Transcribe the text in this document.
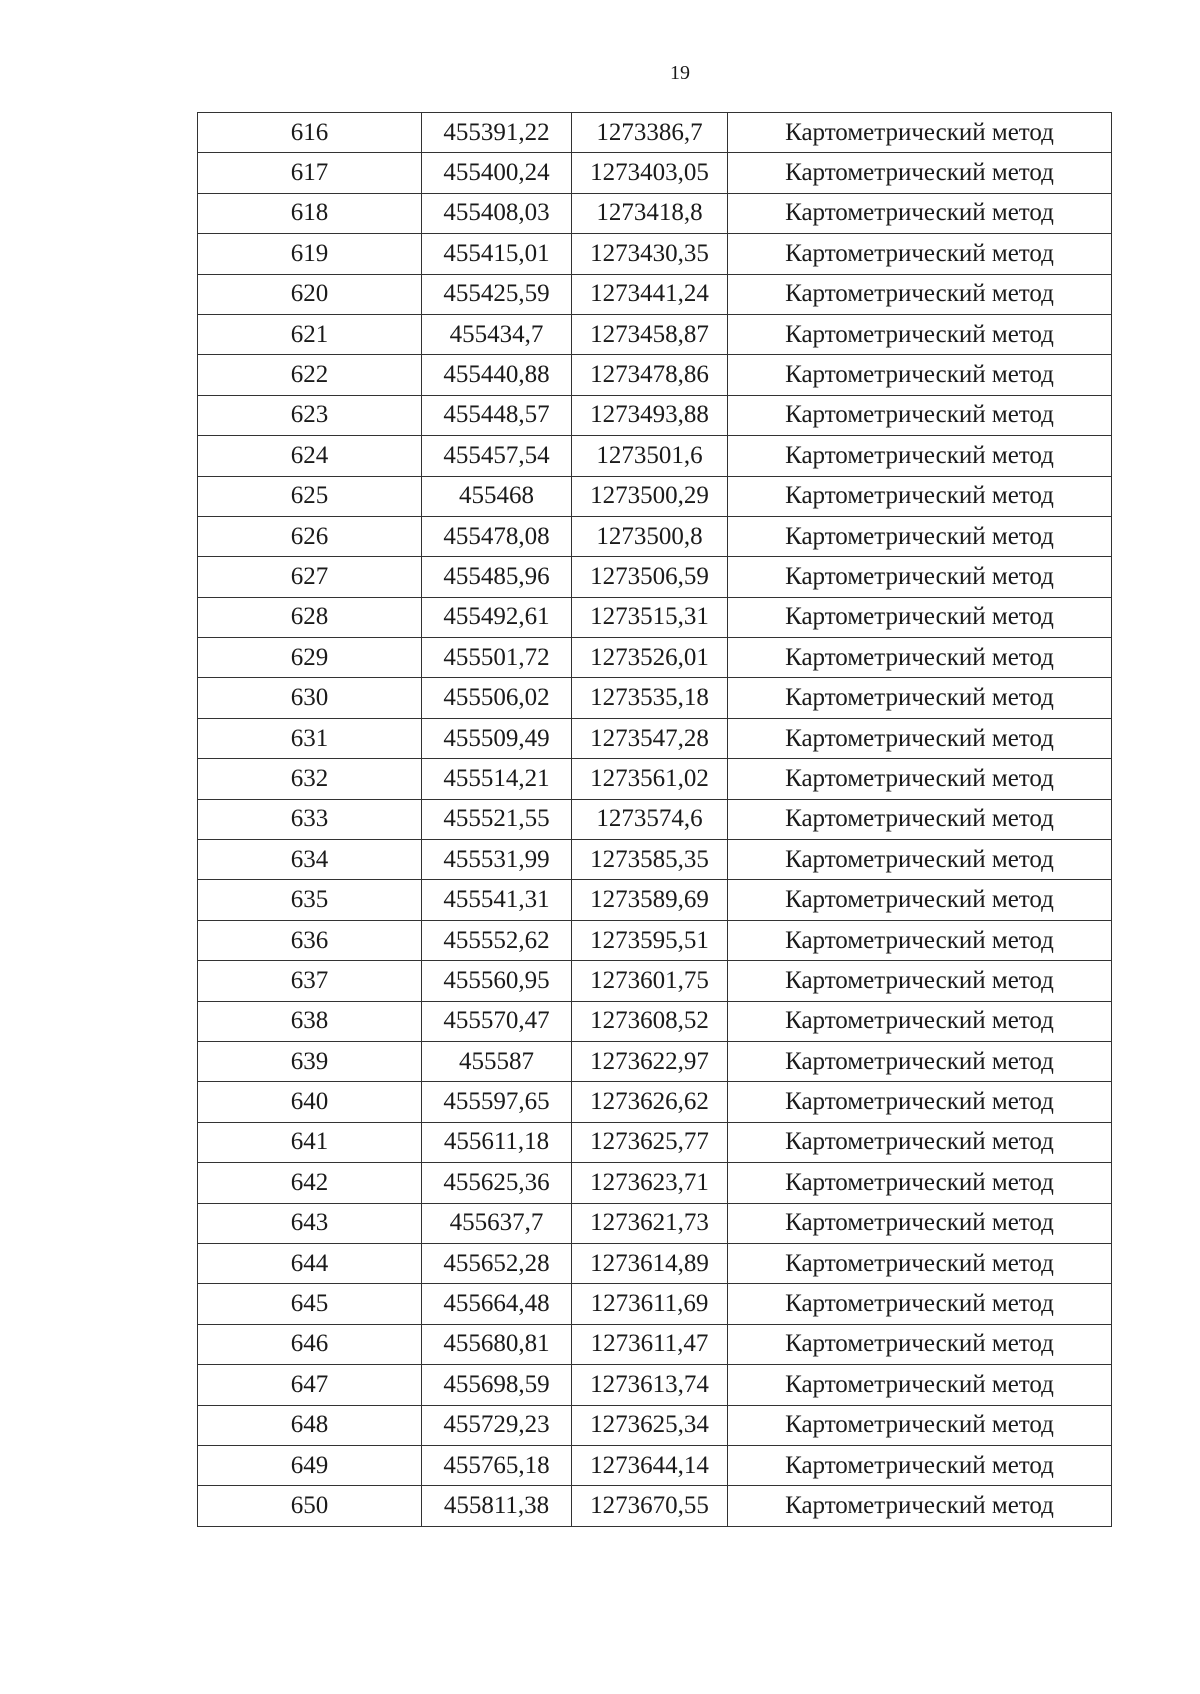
19
616	455391,22	1273386,7	Картометрический метод
617	455400,24	1273403,05	Картометрический метод
618	455408,03	1273418,8	Картометрический метод
619	455415,01	1273430,35	Картометрический метод
620	455425,59	1273441,24	Картометрический метод
621	455434,7	1273458,87	Картометрический метод
622	455440,88	1273478,86	Картометрический метод
623	455448,57	1273493,88	Картометрический метод
624	455457,54	1273501,6	Картометрический метод
625	455468	1273500,29	Картометрический метод
626	455478,08	1273500,8	Картометрический метод
627	455485,96	1273506,59	Картометрический метод
628	455492,61	1273515,31	Картометрический метод
629	455501,72	1273526,01	Картометрический метод
630	455506,02	1273535,18	Картометрический метод
631	455509,49	1273547,28	Картометрический метод
632	455514,21	1273561,02	Картометрический метод
633	455521,55	1273574,6	Картометрический метод
634	455531,99	1273585,35	Картометрический метод
635	455541,31	1273589,69	Картометрический метод
636	455552,62	1273595,51	Картометрический метод
637	455560,95	1273601,75	Картометрический метод
638	455570,47	1273608,52	Картометрический метод
639	455587	1273622,97	Картометрический метод
640	455597,65	1273626,62	Картометрический метод
641	455611,18	1273625,77	Картометрический метод
642	455625,36	1273623,71	Картометрический метод
643	455637,7	1273621,73	Картометрический метод
644	455652,28	1273614,89	Картометрический метод
645	455664,48	1273611,69	Картометрический метод
646	455680,81	1273611,47	Картометрический метод
647	455698,59	1273613,74	Картометрический метод
648	455729,23	1273625,34	Картометрический метод
649	455765,18	1273644,14	Картометрический метод
650	455811,38	1273670,55	Картометрический метод
